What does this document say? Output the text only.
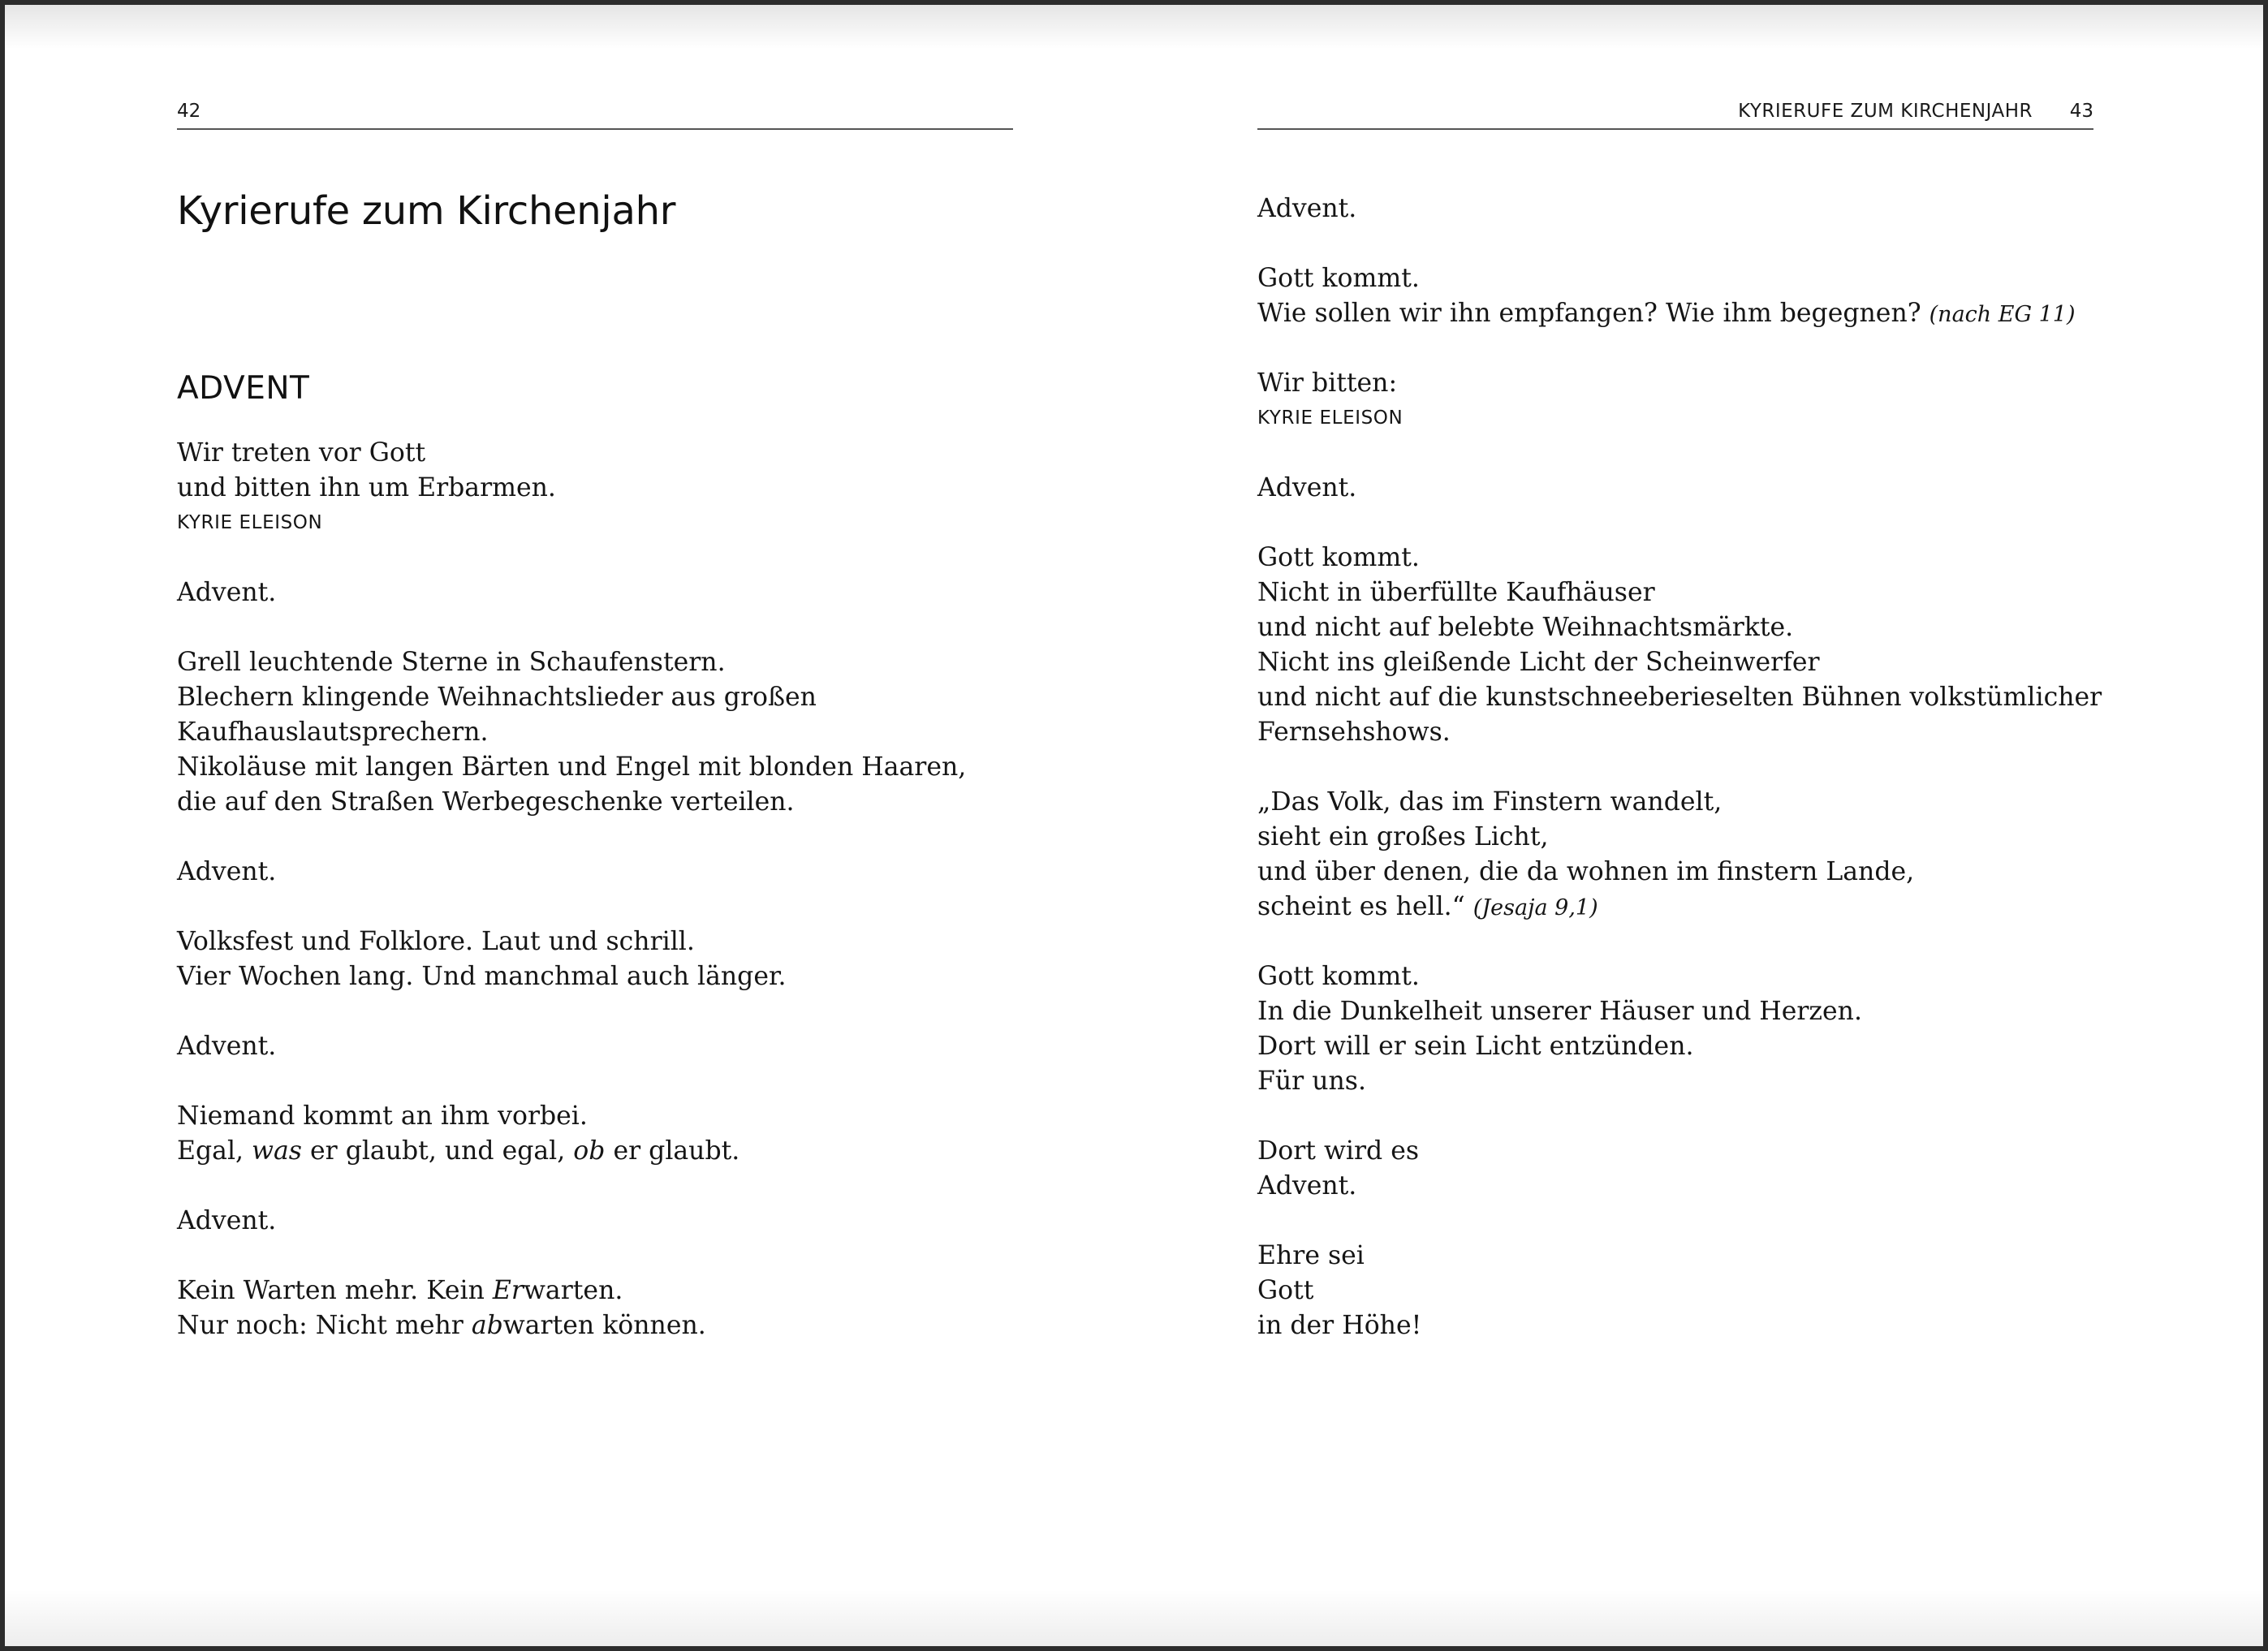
42
Kyrierufe zum Kirchenjahr
ADVENT
Wir treten vor Gott
und bitten ihn um Erbarmen.
KYRIE ELEISON
Advent.
Grell leuchtende Sterne in Schaufenstern.
Blechern klingende Weihnachtslieder aus großen
Kaufhauslautsprechern.
Nikoläuse mit langen Bärten und Engel mit blonden Haaren,
die auf den Straßen Werbegeschenke verteilen.
Advent.
Volksfest und Folklore. Laut und schrill.
Vier Wochen lang. Und manchmal auch länger.
Advent.
Niemand kommt an ihm vorbei.
Egal, was er glaubt, und egal, ob er glaubt.
Advent.
Kein Warten mehr. Kein Erwarten.
Nur noch: Nicht mehr abwarten können.
KYRIERUFE ZUM KIRCHENJAHR 43
Advent.
Gott kommt.
Wie sollen wir ihn empfangen? Wie ihm begegnen? (nach EG 11)
Wir bitten:
KYRIE ELEISON
Advent.
Gott kommt.
Nicht in überfüllte Kaufhäuser
und nicht auf belebte Weihnachtsmärkte.
Nicht ins gleißende Licht der Scheinwerfer
und nicht auf die kunstschneeberieselten Bühnen volkstümlicher
Fernsehshows.
„Das Volk, das im Finstern wandelt,
sieht ein großes Licht,
und über denen, die da wohnen im finstern Lande,
scheint es hell.“ (Jesaja 9,1)
Gott kommt.
In die Dunkelheit unserer Häuser und Herzen.
Dort will er sein Licht entzünden.
Für uns.
Dort wird es
Advent.
Ehre sei
Gott
in der Höhe!
